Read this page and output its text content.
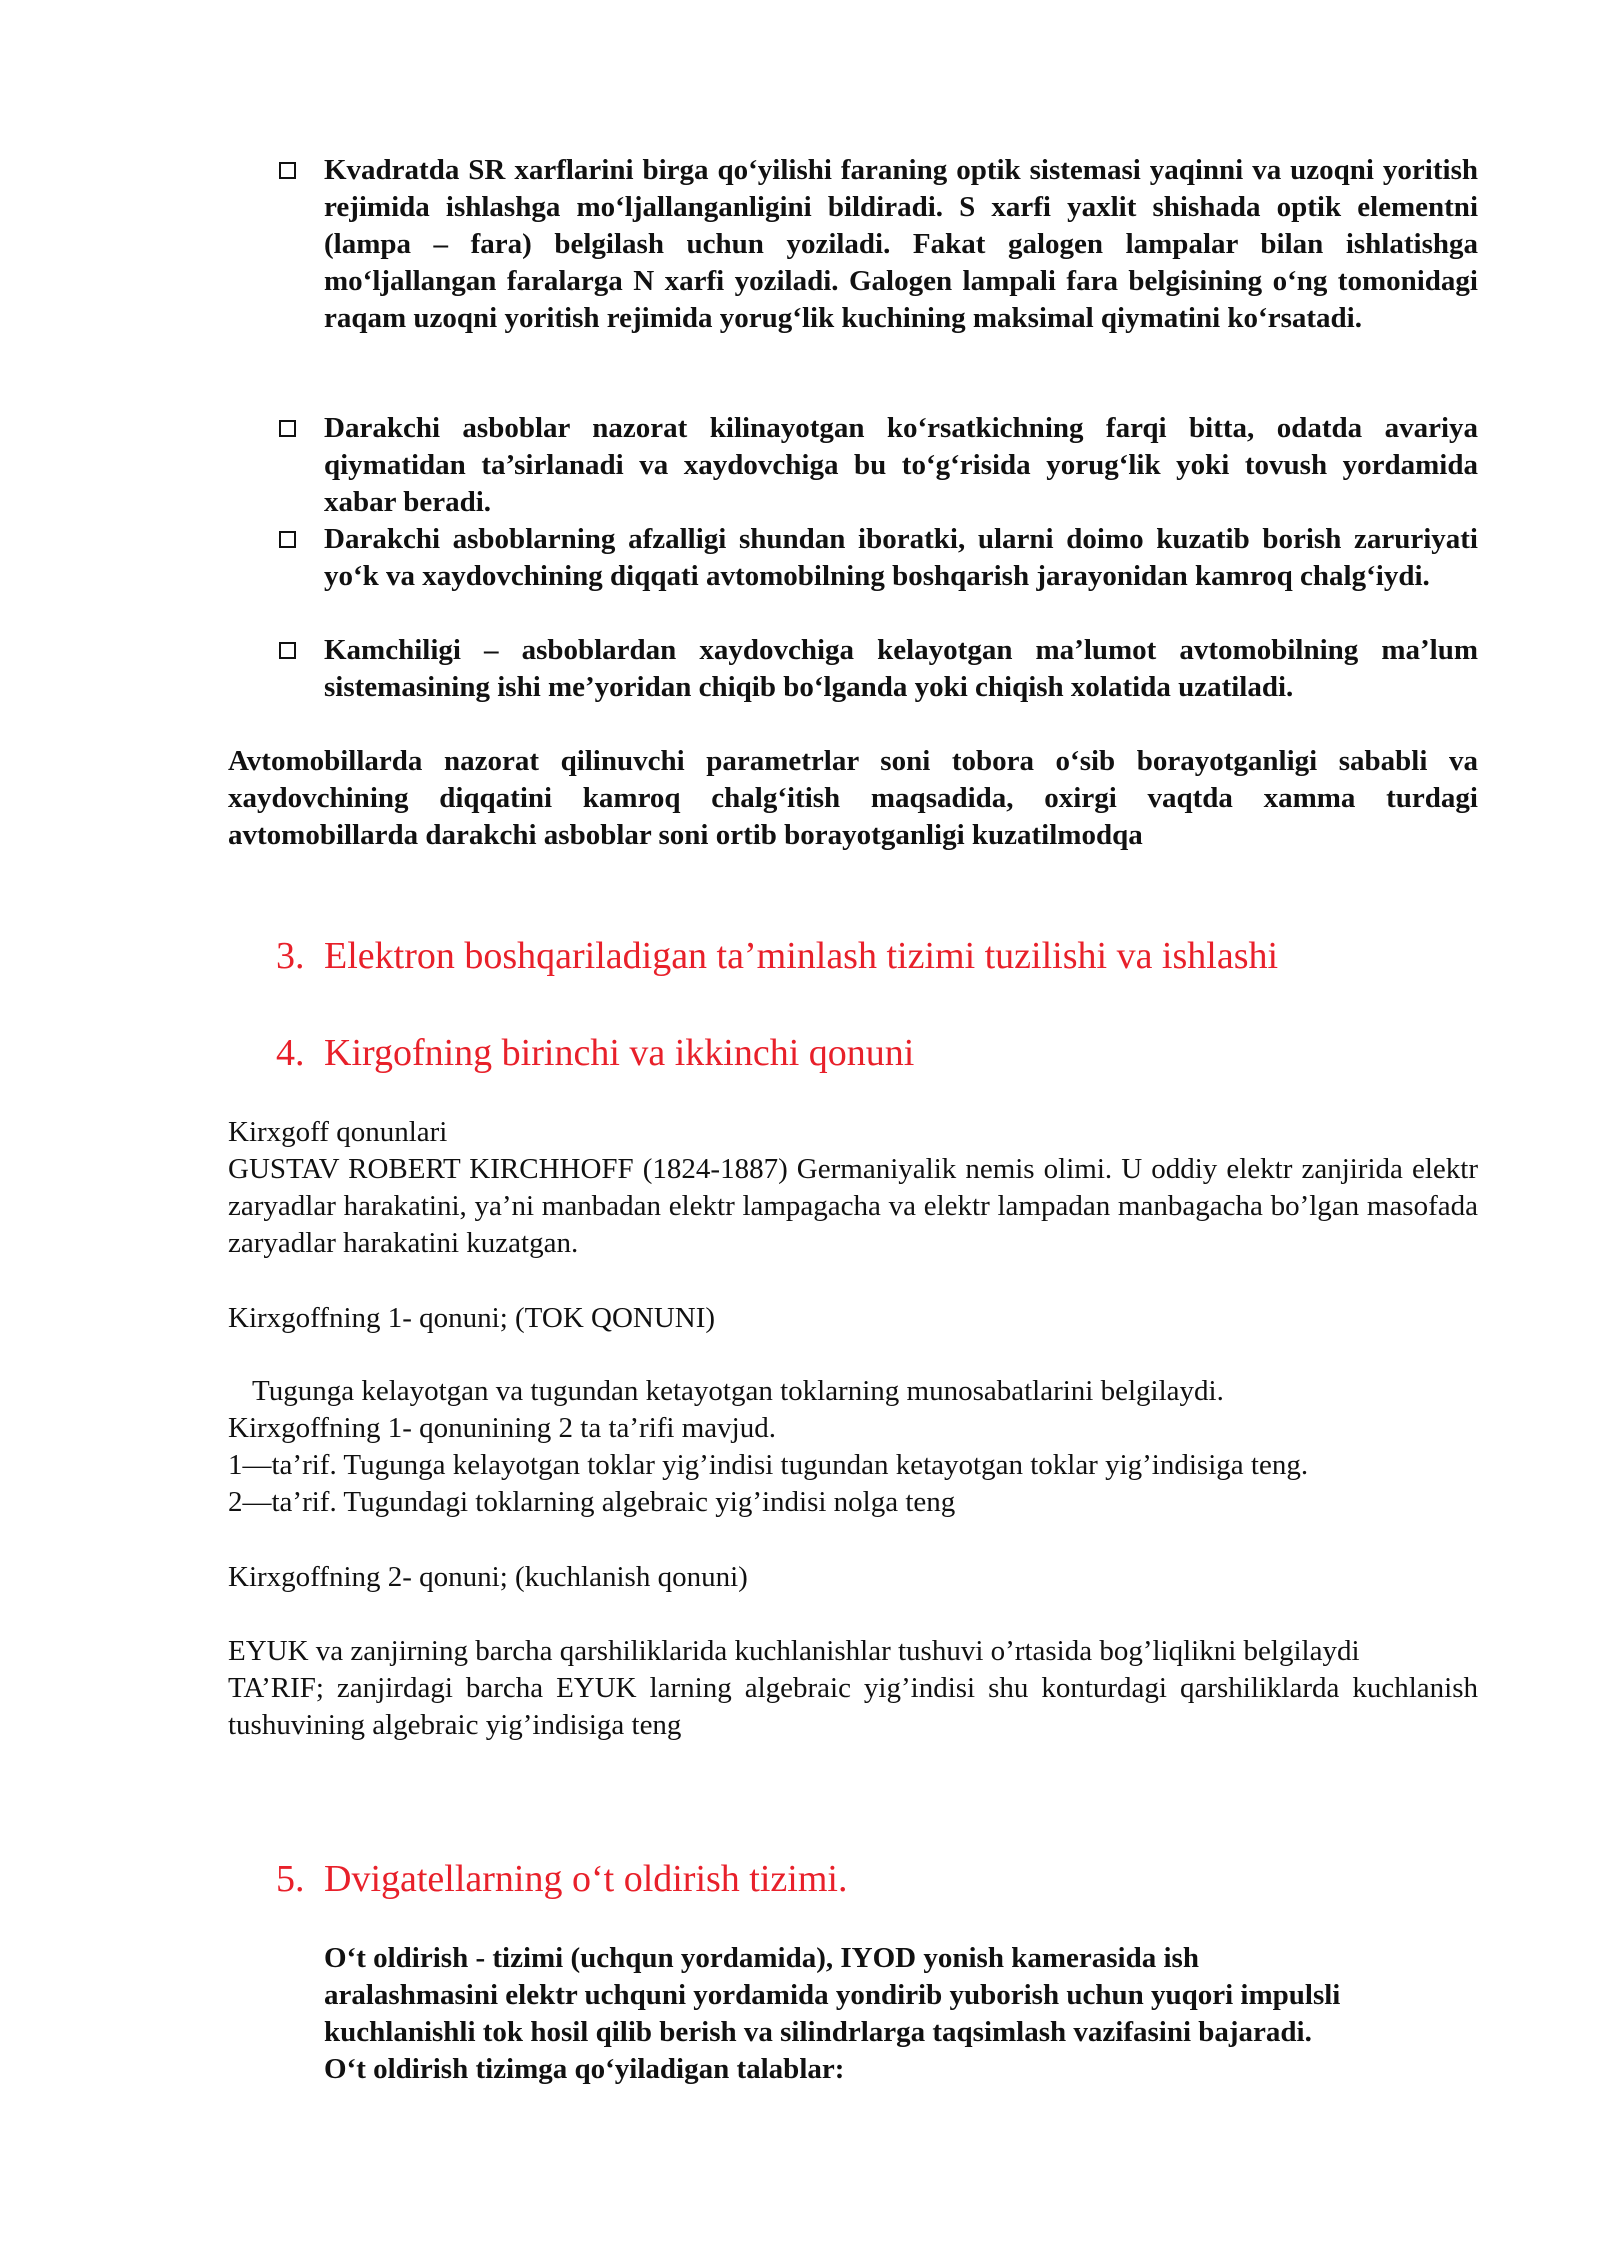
Kvadratda SR xarflarini birga qo‘yilishi faraning optik sistemasi yaqinni va uzoqni yoritish rejimida ishlashga mo‘ljallanganligini bildiradi. S xarfi yaxlit shishada optik elementni (lampa – fara) belgilash uchun yoziladi. Fakat galogen lampalar bilan ishlatishga mo‘ljallangan faralarga N xarfi yoziladi. Galogen lampali fara belgisining o‘ng tomonidagi raqam uzoqni yoritish rejimida yorug‘lik kuchining maksimal qiymatini ko‘rsatadi.

Darakchi asboblar nazorat kilinayotgan ko‘rsatkichning farqi bitta, odatda avariya qiymatidan ta’sirlanadi va xaydovchiga bu to‘g‘risida yorug‘lik yoki tovush yordamida xabar beradi.

Darakchi asboblarning afzalligi shundan iboratki, ularni doimo kuzatib borish zaruriyati yo‘k va xaydovchining diqqati avtomobilning boshqarish jarayonidan kamroq chalg‘iydi.

Kamchiligi – asboblardan xaydovchiga kelayotgan ma’lumot avtomobilning ma’lum sistemasining ishi me’yoridan chiqib bo‘lganda yoki chiqish xolatida uzatiladi.

Avtomobillarda nazorat qilinuvchi parametrlar soni tobora o‘sib borayotganligi sababli va xaydovchining diqqatini kamroq chalg‘itish maqsadida, oxirgi vaqtda xamma turdagi avtomobillarda darakchi asboblar soni ortib borayotganligi kuzatilmodqa

3. Elektron boshqariladigan ta’minlash tizimi tuzilishi va ishlashi
4. Kirgofning birinchi va ikkinchi qonuni

Kirxgoff qonunlari

GUSTAV ROBERT KIRCHHOFF (1824-1887) Germaniyalik nemis olimi. U oddiy elektr zanjirida elektr zaryadlar harakatini, ya’ni manbadan elektr lampagacha va elektr lampadan manbagacha bo’lgan masofada zaryadlar harakatini kuzatgan.

Kirxgoffning 1- qonuni; (TOK QONUNI)

Tugunga kelayotgan va tugundan ketayotgan toklarning munosabatlarini belgilaydi.

Kirxgoffning 1- qonunining 2 ta ta’rifi mavjud.

1—ta’rif. Tugunga kelayotgan toklar yig’indisi tugundan ketayotgan toklar yig’indisiga teng.

2—ta’rif. Tugundagi toklarning algebraic yig’indisi nolga teng

Kirxgoffning 2- qonuni; (kuchlanish qonuni)

EYUK va zanjirning barcha qarshiliklarida kuchlanishlar tushuvi o’rtasida bog’liqlikni belgilaydi

TA’RIF; zanjirdagi barcha EYUK larning algebraic yig’indisi shu konturdagi qarshiliklarda kuchlanish tushuvining algebraic yig’indisiga teng

5. Dvigatellarning o‘t oldirish tizimi.

O‘t oldirish - tizimi (uchqun yordamida), IYOD yonish kamerasida ish

aralashmasini elektr uchquni yordamida yondirib yuborish uchun yuqori impulsli

kuchlanishli tok hosil qilib berish va silindrlarga taqsimlash vazifasini bajaradi.

O‘t oldirish tizimga qo‘yiladigan talablar:
